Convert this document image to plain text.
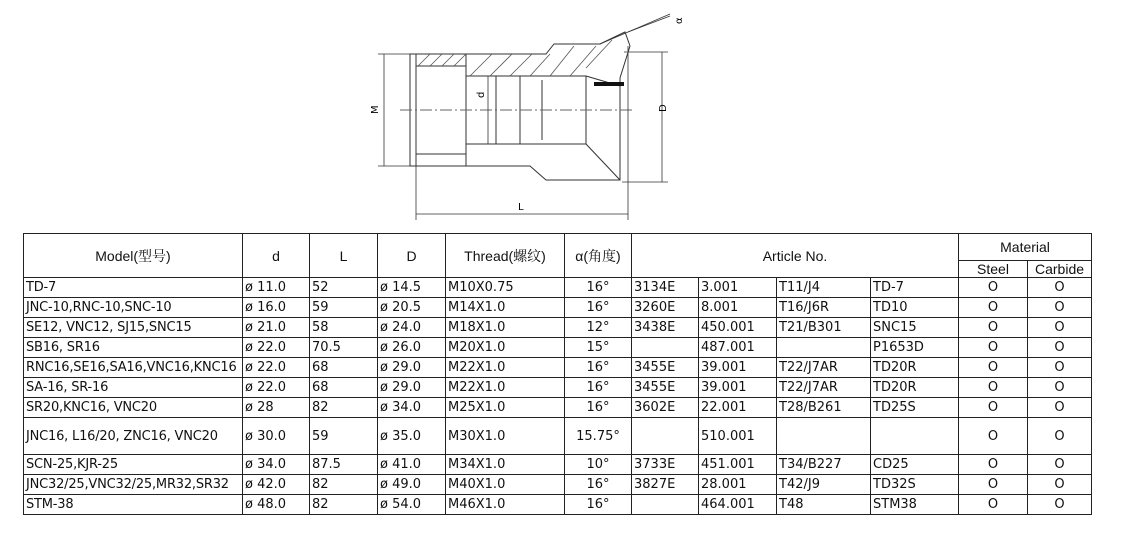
M
d
D
L
α
Model(型号)	d	L	D	Thread(螺纹)	α(角度)	Article No.				Material	
										Steel	Carbide
TD-7	ø 11.0	52	ø 14.5	M10X0.75	16°	3134E	3.001	T11/J4	TD-7	O	O
JNC-10,RNC-10,SNC-10	ø 16.0	59	ø 20.5	M14X1.0	16°	3260E	8.001	T16/J6R	TD10	O	O
SE12, VNC12, SJ15,SNC15	ø 21.0	58	ø 24.0	M18X1.0	12°	3438E	450.001	T21/B301	SNC15	O	O
SB16, SR16	ø 22.0	70.5	ø 26.0	M20X1.0	15°		487.001		P1653D	O	O
RNC16,SE16,SA16,VNC16,KNC16	ø 22.0	68	ø 29.0	M22X1.0	16°	3455E	39.001	T22/J7AR	TD20R	O	O
SA-16, SR-16	ø 22.0	68	ø 29.0	M22X1.0	16°	3455E	39.001	T22/J7AR	TD20R	O	O
SR20,KNC16, VNC20	ø 28	82	ø 34.0	M25X1.0	16°	3602E	22.001	T28/B261	TD25S	O	O
JNC16, L16/20, ZNC16, VNC20	ø 30.0	59	ø 35.0	M30X1.0	15.75°		510.001			O	O
SCN-25,KJR-25	ø 34.0	87.5	ø 41.0	M34X1.0	10°	3733E	451.001	T34/B227	CD25	O	O
JNC32/25,VNC32/25,MR32,SR32	ø 42.0	82	ø 49.0	M40X1.0	16°	3827E	28.001	T42/J9	TD32S	O	O
STM-38	ø 48.0	82	ø 54.0	M46X1.0	16°		464.001	T48	STM38	O	O
